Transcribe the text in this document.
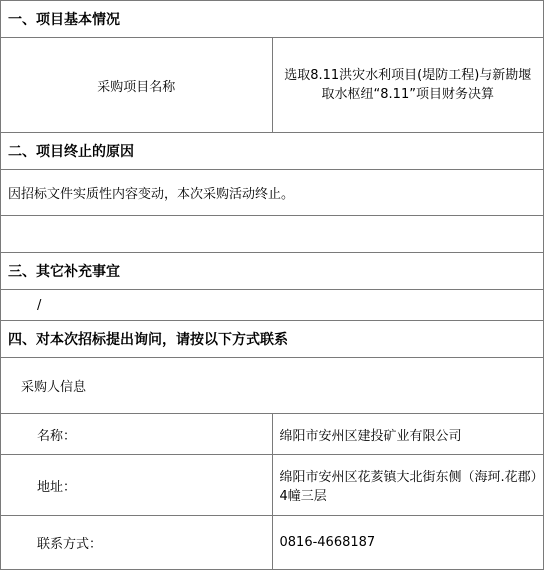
一、项目基本情况	
采购项目名称	选取8.11洪灾水利项目(堤防工程)与新勘堰取水枢纽“8.11”项目财务决算
二、项目终止的原因	
因招标文件实质性内容变动，本次采购活动终止。	

三、其它补充事宜	
/	
四、对本次招标提出询问，请按以下方式联系	
采购人信息	
名称：	绵阳市安州区建投矿业有限公司
地址：	绵阳市安州区花荄镇大北街东侧（海珂.花郡）4幢三层
联系方式：	0816-4668187
